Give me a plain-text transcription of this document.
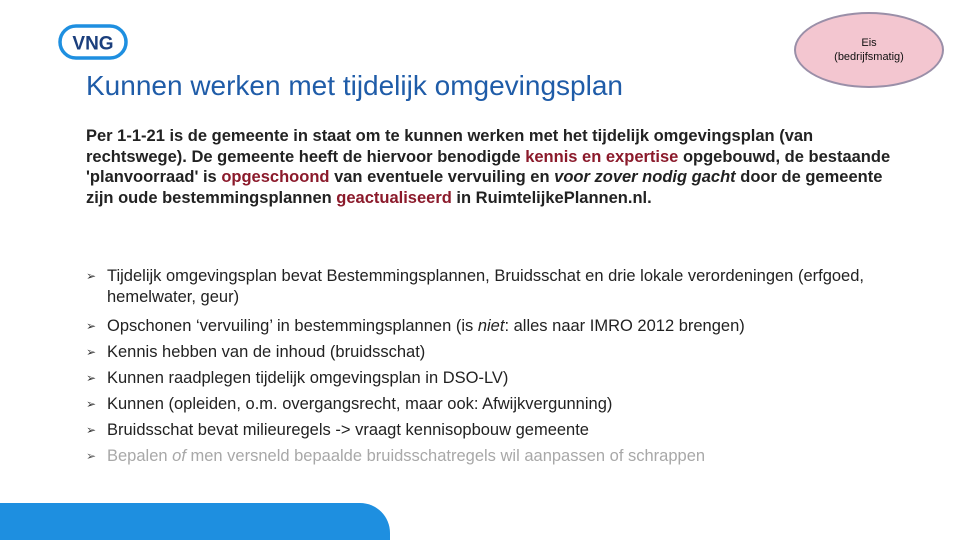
VNG	Eis
(bedrijfsmatig)
Kunnen werken met tijdelijk omgevingsplan

Per 1-1-21 is de gemeente in staat om te kunnen werken met het tijdelijk omgevingsplan (van rechtswege). De gemeente heeft de hiervoor benodigde kennis en expertise opgebouwd, de bestaande 'planvoorraad' is opgeschoond van eventuele vervuiling en voor zover nodig gacht door de gemeente zijn oude bestemmingsplannen geactualiseerd in RuimtelijkePlannen.nl.

➢ Tijdelijk omgevingsplan bevat Bestemmingsplannen, Bruidsschat en drie lokale verordeningen (erfgoed, hemelwater, geur)
➢ Opschonen ‘vervuiling’ in bestemmingsplannen (is niet: alles naar IMRO 2012 brengen)
➢ Kennis hebben van de inhoud (bruidsschat)
➢ Kunnen raadplegen tijdelijk omgevingsplan in DSO-LV)
➢ Kunnen (opleiden, o.m. overgangsrecht, maar ook: Afwijkvergunning)
➢ Bruidsschat bevat milieuregels -> vraagt kennisopbouw gemeente
➢ Bepalen of men versneld bepaalde bruidsschatregels wil aanpassen of schrappen
